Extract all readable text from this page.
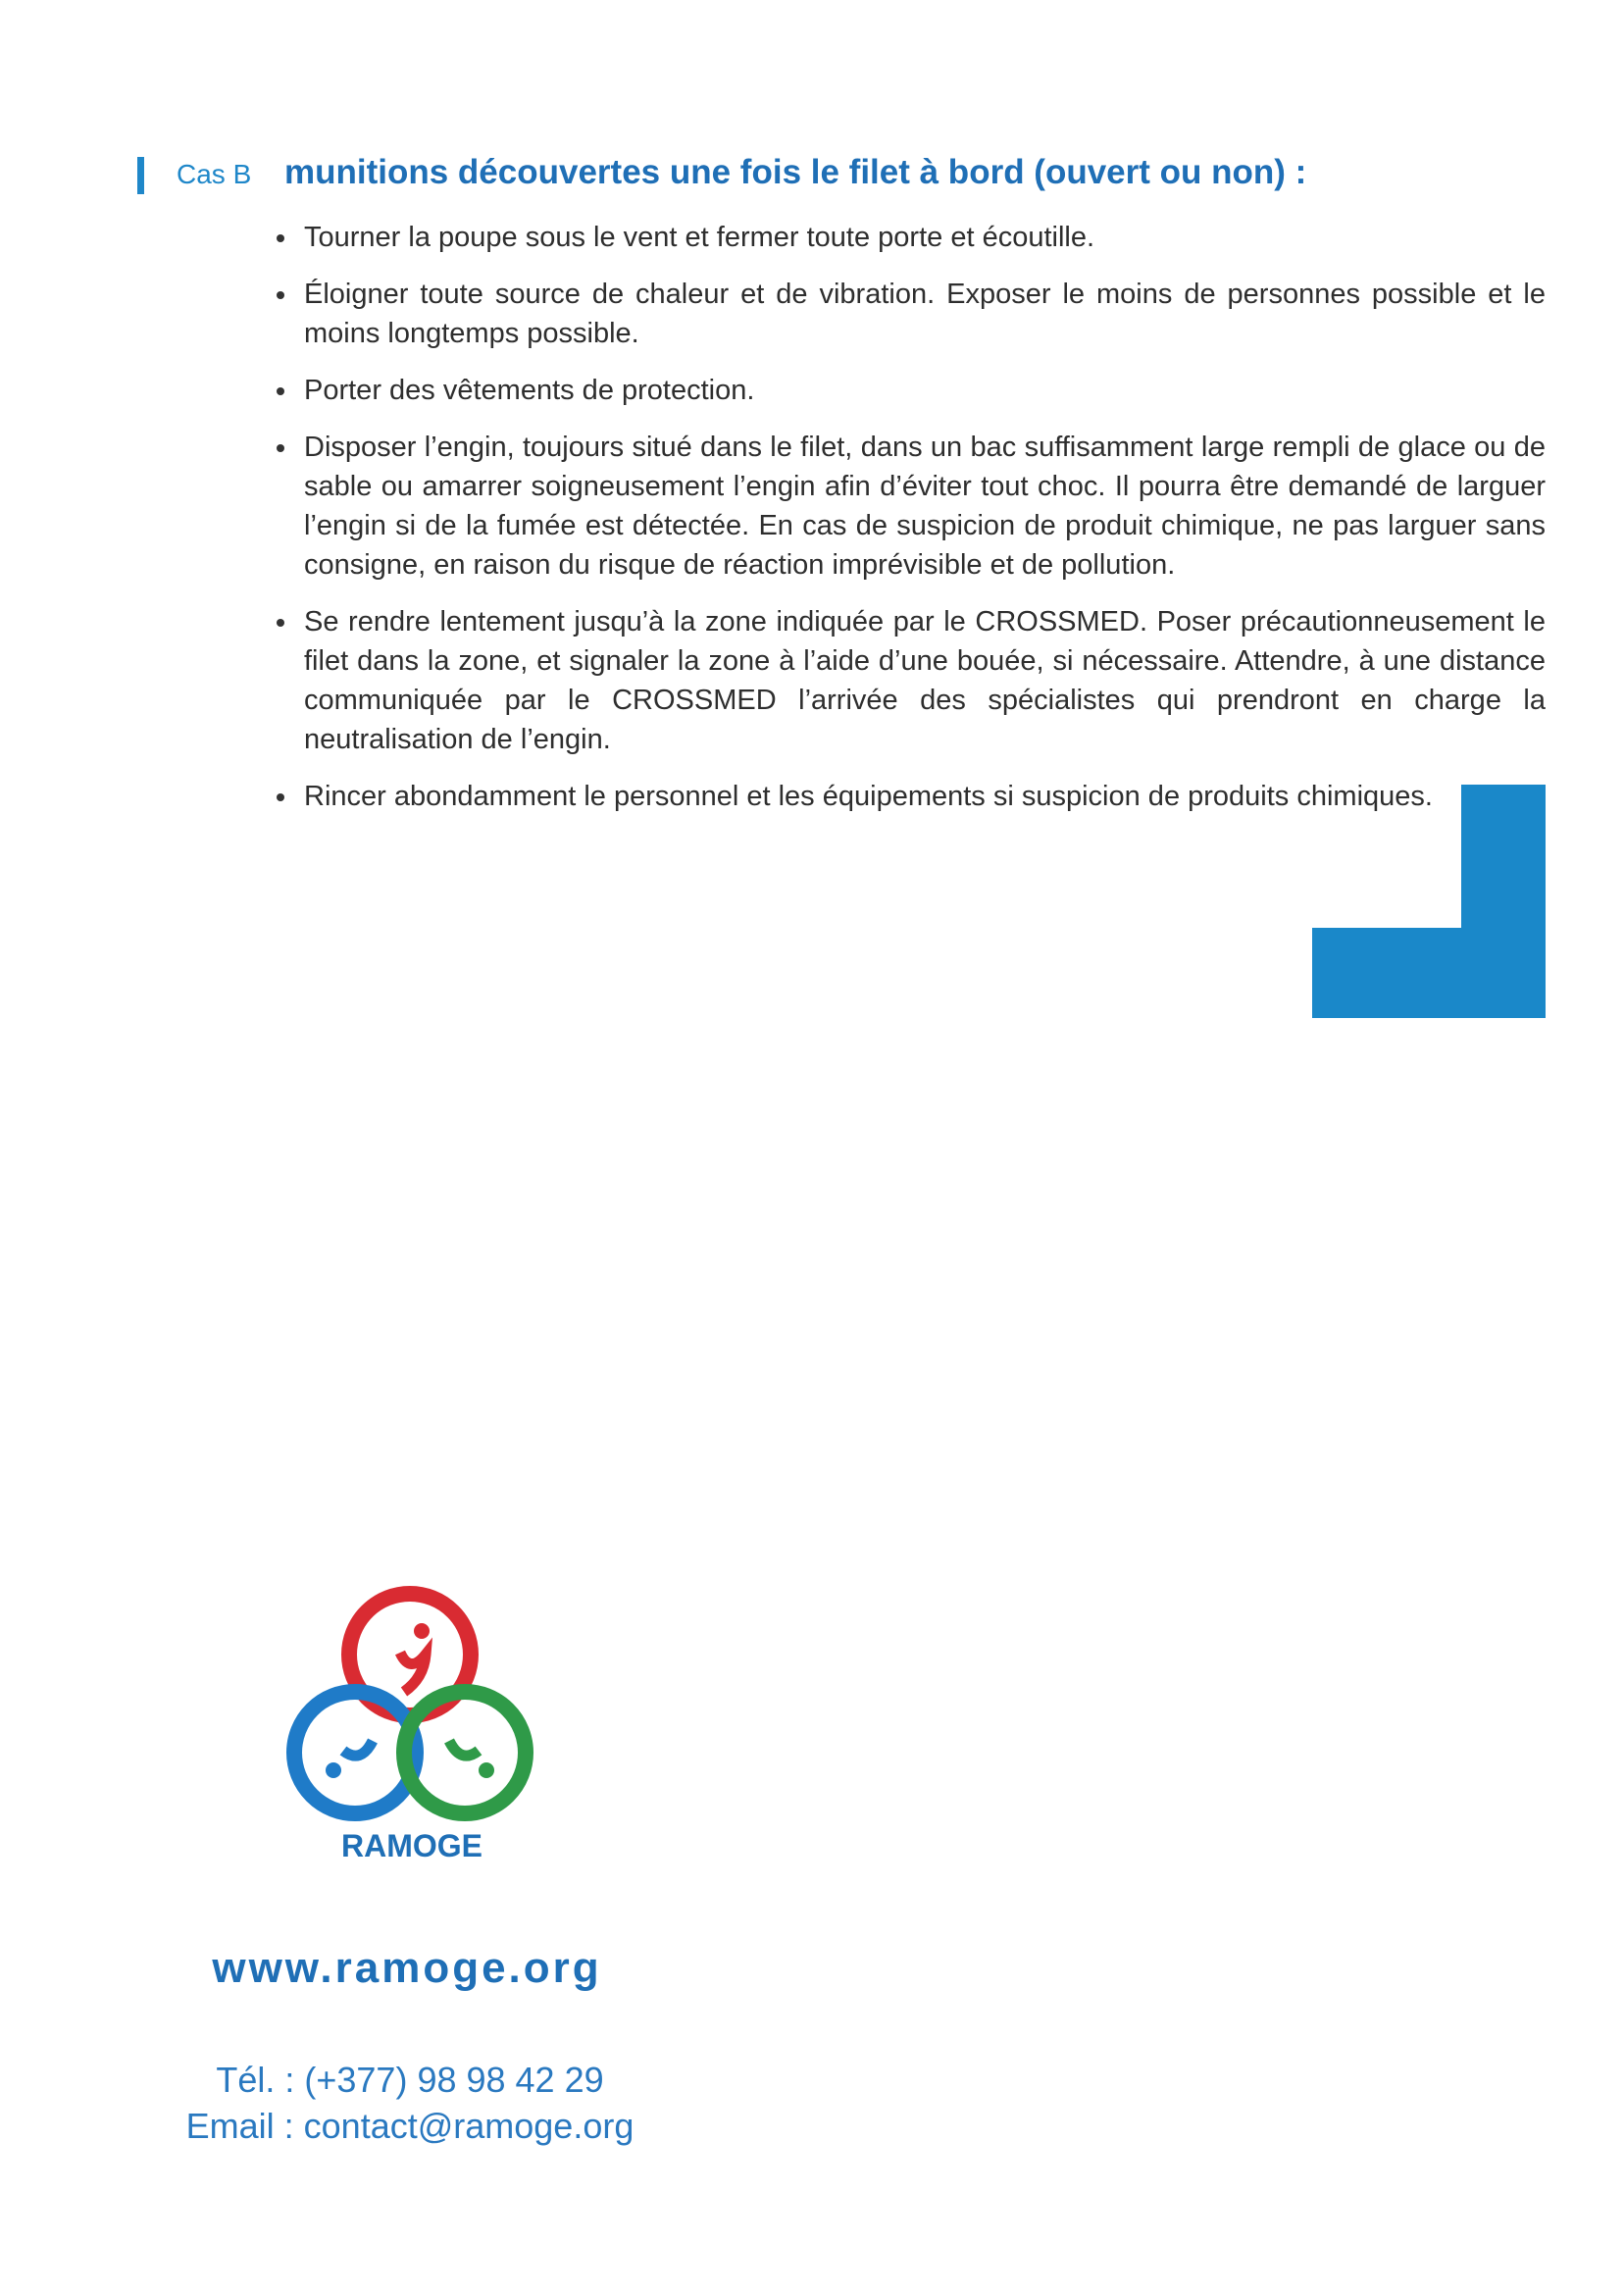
Cas B munitions découvertes une fois le filet à bord (ouvert ou non) :
Tourner la poupe sous le vent et fermer toute porte et écoutille.
Éloigner toute source de chaleur et de vibration. Exposer le moins de personnes possible et le moins longtemps possible.
Porter des vêtements de protection.
Disposer l’engin, toujours situé dans le filet, dans un bac suffisamment large rempli de glace ou de sable ou amarrer soigneusement l’engin afin d’éviter tout choc. Il pourra être demandé de larguer l’engin si de la fumée est détectée. En cas de suspicion de produit chimique, ne pas larguer sans consigne, en raison du risque de réaction imprévisible et de pollution.
Se rendre lentement jusqu’à la zone indiquée par le CROSSMED. Poser précautionneusement le filet dans la zone, et signaler la zone à l’aide d’une bouée, si nécessaire. Attendre, à une distance communiquée par le CROSSMED l’arrivée des spécialistes qui prendront en charge la neutralisation de l’engin.
Rincer abondamment le personnel et les équipements si suspicion de produits chimiques.
RAMOGE
www.ramoge.org
Tél. : (+377) 98 98 42 29
Email : contact@ramoge.org
